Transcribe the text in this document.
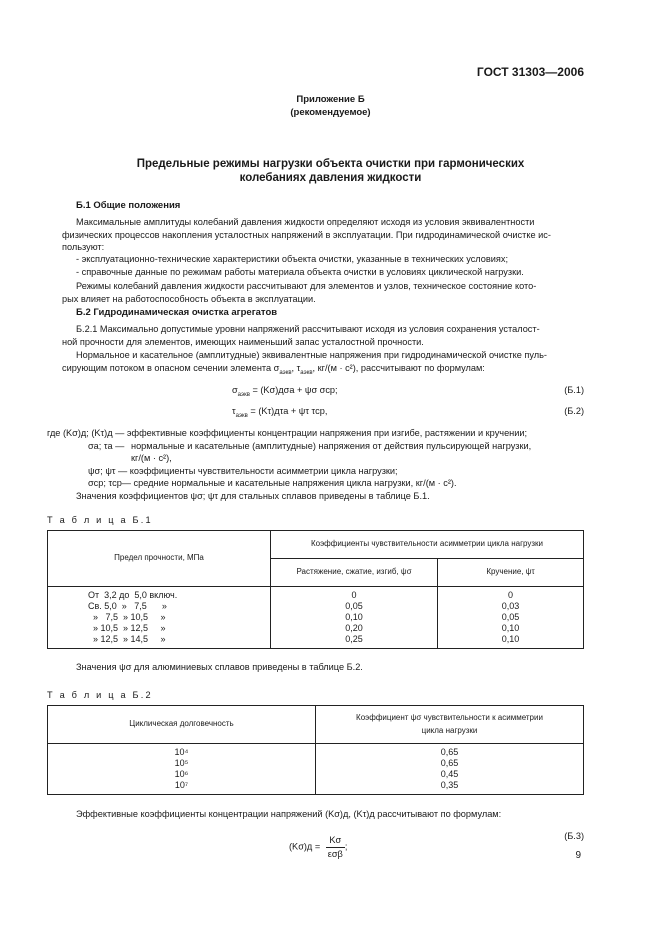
ГОСТ 31303—2006
Приложение Б
(рекомендуемое)
Предельные режимы нагрузки объекта очистки при гармонических
колебаниях давления жидкости
Б.1 Общие положения
Максимальные амплитуды колебаний давления жидкости определяют исходя из условия эквивалентности
физических процессов накопления усталостных напряжений в эксплуатации. При гидродинамической очистке ис-
пользуют:
- эксплуатационно-технические характеристики объекта очистки, указанные в технических условиях;
- справочные данные по режимам работы материала объекта очистки в условиях циклической нагрузки.
Режимы колебаний давления жидкости рассчитывают для элементов и узлов, техническое состояние кото-
рых влияет на работоспособность объекта в эксплуатации.
Б.2 Гидродинамическая очистка агрегатов
Б.2.1 Максимально допустимые уровни напряжений рассчитывают исходя из условия сохранения усталост-
ной прочности для элементов, имеющих наименьший запас усталостной прочности.
Нормальное и касательное (амплитудные) эквивалентные напряжения при гидродинамической очистке пуль-
сирующим потоком в опасном сечении элемента $\sigma_{aэкв}$, $\tau_{aэкв}$, кг/(м · с²), рассчитывают по формулам:
$\sigma_{aэкв} = (K\sigma)д\sigma a + \psi\sigma$ σср;	(Б.1)
$\tau_{aэкв} = (K\tau)д\tau a + \psi\tau$ τср,	(Б.2)
где (Kσ)д; (Kτ)д — эффективные коэффициенты концентрации напряжения при изгибе, растяжении и кручении;
σa; τa — нормальные и касательные (амплитудные) напряжения от действия пульсирующей нагрузки,
кг/(м · с²),
ψσ; ψτ — коэффициенты чувствительности асимметрии цикла нагрузки;
σср; τср— средние нормальные и касательные напряжения цикла нагрузки, кг/(м · с²).
Значения коэффициентов ψσ; ψτ для стальных сплавов приведены в таблице Б.1.
Т а б л и ц а Б.1
Предел прочности, МПа	Коэффициенты чувствительности асимметрии цикла нагрузки	
	Растяжение, сжатие, изгиб, ψσ	Кручение, ψτ
От  3,2 до  5,0 включ.	0	0
Св. 5,0  »   7,5      »	0,05	0,03
»   7,5  » 10,5     »	0,10	0,05
» 10,5  » 12,5     »	0,20	0,10
» 12,5  » 14,5     »	0,25	0,10
Значения ψσ для алюминиевых сплавов приведены в таблице Б.2.
Т а б л и ц а Б.2
Циклическая долговечность	Коэффициент ψσ чувствительности к асимметрии
цикла нагрузки

10⁴	0,65
10⁵	0,65
10⁶	0,45
10⁷	0,35
Эффективные коэффициенты концентрации напряжений (Kσ)д, (Kτ)д рассчитывают по формулам:
(Kσ)д =
Kσ
εσβ
;
(Б.3)
9
